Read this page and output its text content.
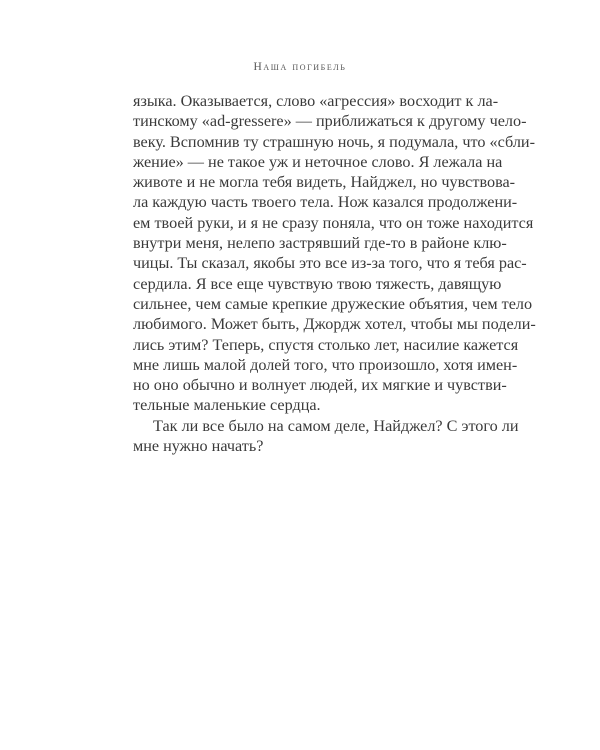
Наша погибель
языка. Оказывается, слово «агрессия» восходит к ла-
тинскому «ad-gressere» — приближаться к другому чело-
веку. Вспомнив ту страшную ночь, я подумала, что «сбли-
жение» — не такое уж и неточное слово. Я лежала на
животе и не могла тебя видеть, Найджел, но чувствова-
ла каждую часть твоего тела. Нож казался продолжени-
ем твоей руки, и я не сразу поняла, что он тоже находится
внутри меня, нелепо застрявший где-то в районе клю-
чицы. Ты сказал, якобы это все из-за того, что я тебя рас-
сердила. Я все еще чувствую твою тяжесть, давящую
сильнее, чем самые крепкие дружеские объятия, чем тело
любимого. Может быть, Джордж хотел, чтобы мы подели-
лись этим? Теперь, спустя столько лет, насилие кажется
мне лишь малой долей того, что произошло, хотя имен-
но оно обычно и волнует людей, их мягкие и чувстви-
тельные маленькие сердца.
Так ли все было на самом деле, Найджел? С этого ли
мне нужно начать?
